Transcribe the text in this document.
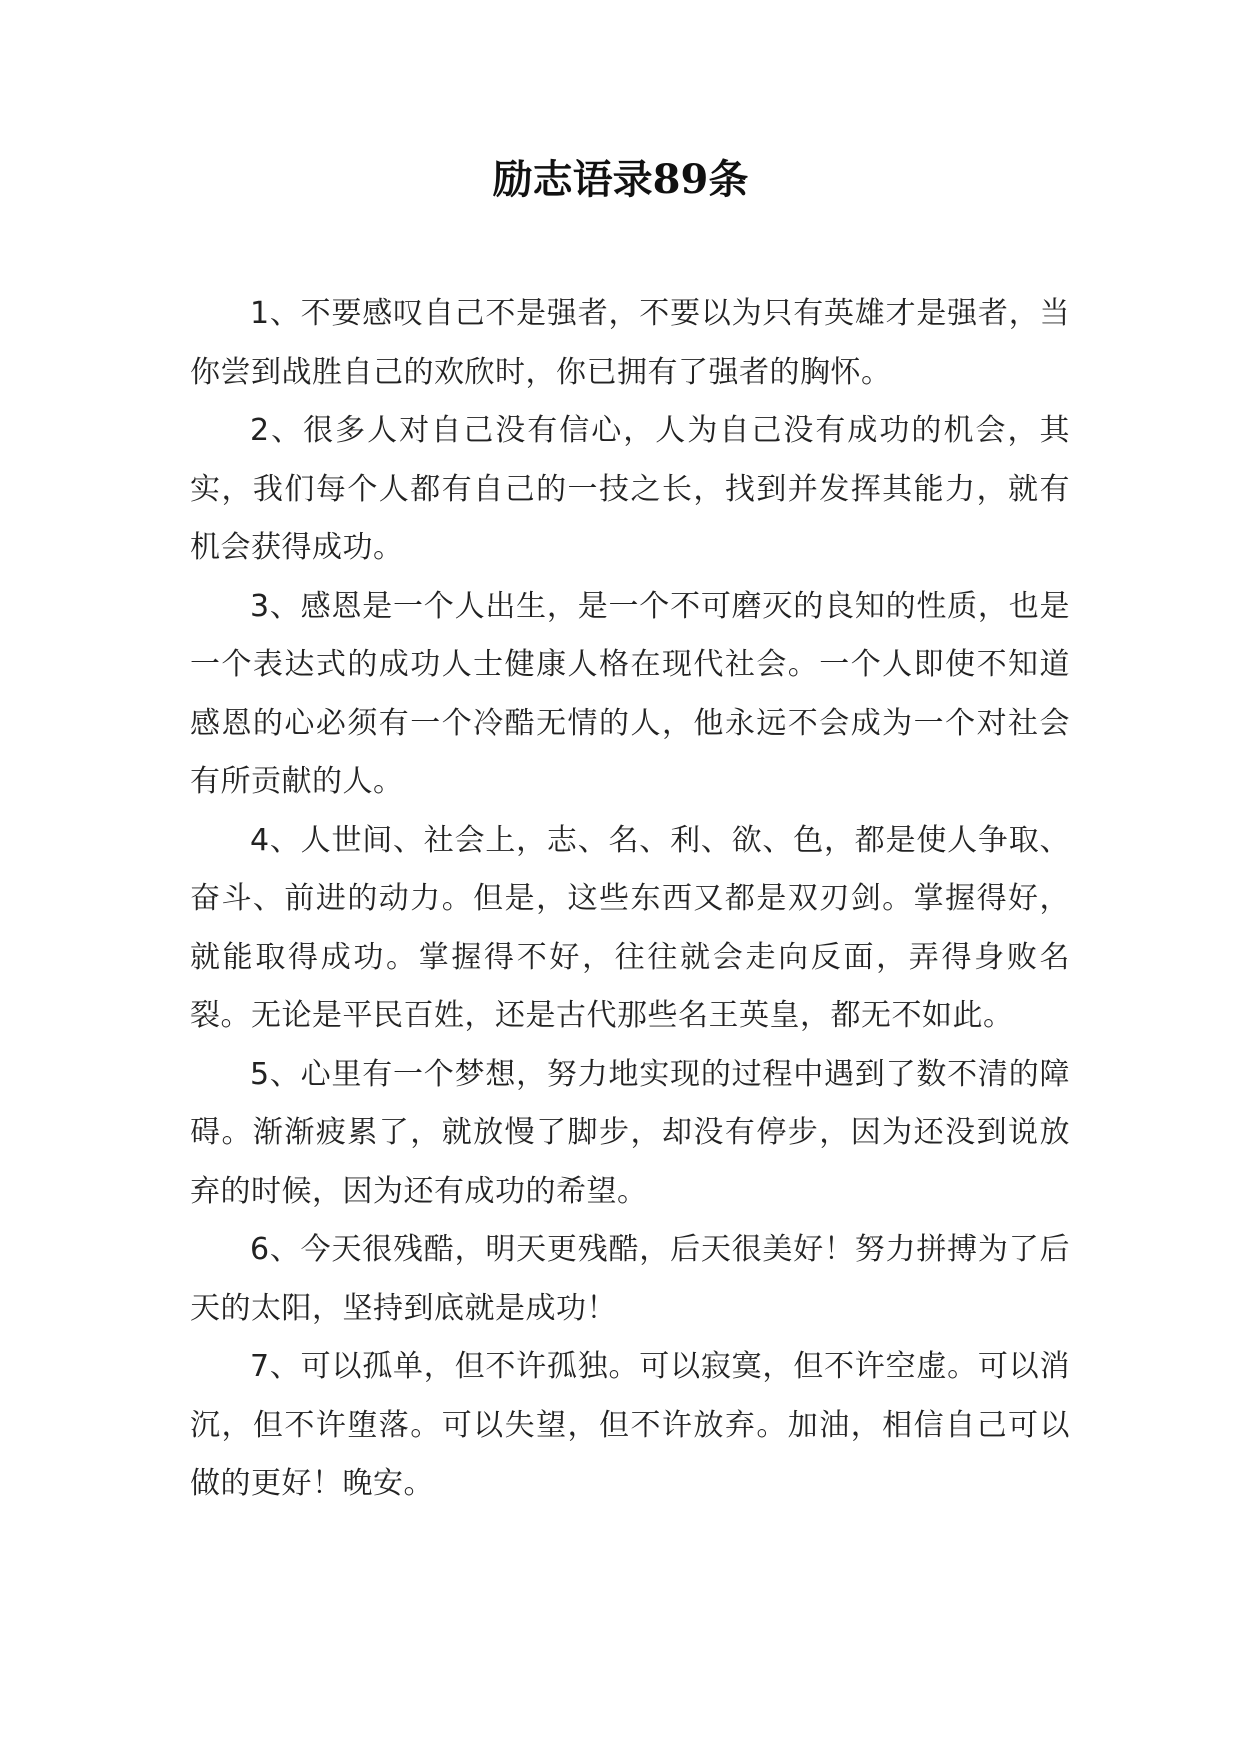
励志语录89条

1、不要感叹自己不是强者，不要以为只有英雄才是强者，当你尝到战胜自己的欢欣时，你已拥有了强者的胸怀。

2、很多人对自己没有信心，人为自己没有成功的机会，其实，我们每个人都有自己的一技之长，找到并发挥其能力，就有机会获得成功。

3、感恩是一个人出生，是一个不可磨灭的良知的性质，也是一个表达式的成功人士健康人格在现代社会。一个人即使不知道感恩的心必须有一个冷酷无情的人，他永远不会成为一个对社会有所贡献的人。

4、人世间、社会上，志、名、利、欲、色，都是使人争取、奋斗、前进的动力。但是，这些东西又都是双刃剑。掌握得好，就能取得成功。掌握得不好，往往就会走向反面，弄得身败名裂。无论是平民百姓，还是古代那些名王英皇，都无不如此。

5、心里有一个梦想，努力地实现的过程中遇到了数不清的障碍。渐渐疲累了，就放慢了脚步，却没有停步，因为还没到说放弃的时候，因为还有成功的希望。

6、今天很残酷，明天更残酷，后天很美好！努力拼搏为了后天的太阳，坚持到底就是成功！

7、可以孤单，但不许孤独。可以寂寞，但不许空虚。可以消沉，但不许堕落。可以失望，但不许放弃。加油，相信自己可以做的更好！晚安。
